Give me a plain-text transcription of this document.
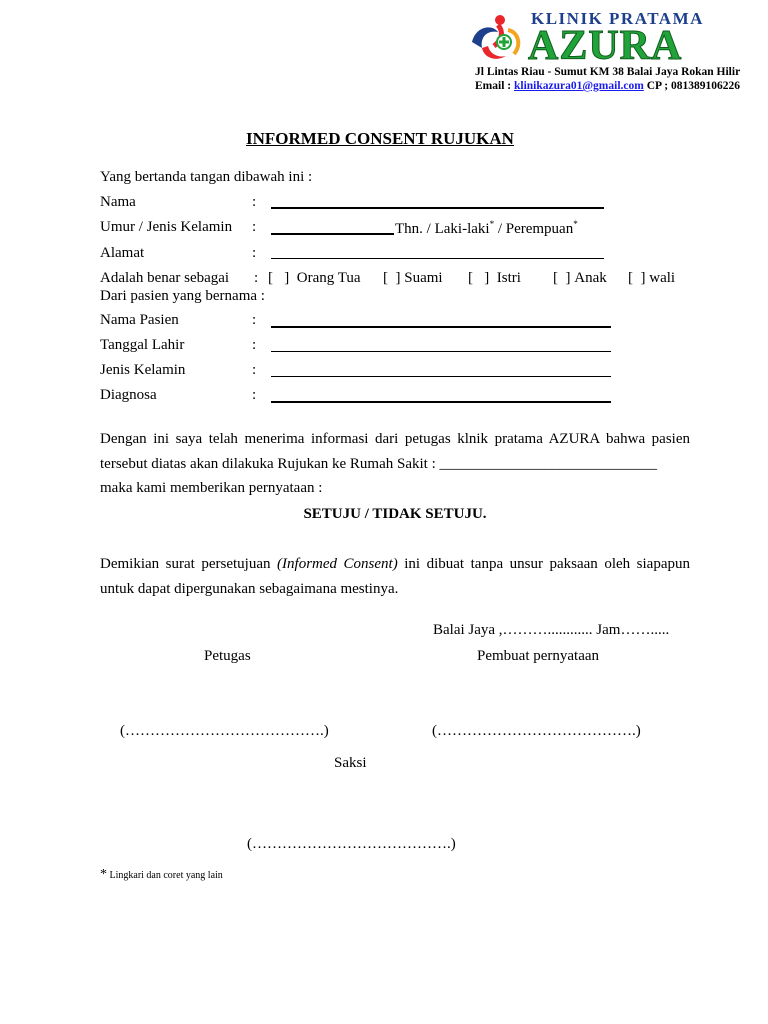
KLINIK PRATAMA
AZURA
Jl Lintas Riau - Sumut KM 38 Balai Jaya Rokan Hilir
Email : klinikazura01@gmail.com CP ; 081389106226
INFORMED CONSENT RUJUKAN
Yang bertanda tangan dibawah ini :
Nama	:
Umur / Jenis Kelamin :	Thn. / Laki-laki* / Perempuan*
Alamat	:
Adalah benar sebagai : [ ] Orang Tua [ ] Suami [ ] Istri [ ] Anak [ ] wali
Dari pasien yang bernama :
Nama Pasien	:
Tanggal Lahir	:
Jenis Kelamin	:
Diagnosa	:
Dengan ini saya telah menerima informasi dari petugas klnik pratama AZURA bahwa pasien tersebut diatas akan dilakuka Rujukan ke Rumah Sakit : _____________________________
maka kami memberikan pernyataan :
SETUJU / TIDAK SETUJU.
Demikian surat persetujuan (Informed Consent) ini dibuat tanpa unsur paksaan oleh siapapun untuk dapat dipergunakan sebagaimana mestinya.
Balai Jaya ,………............ Jam…….....
Petugas	Pembuat pernyataan
(………………………………….)	(………………………………….)
Saksi
(………………………………….)
* Lingkari dan coret yang lain
